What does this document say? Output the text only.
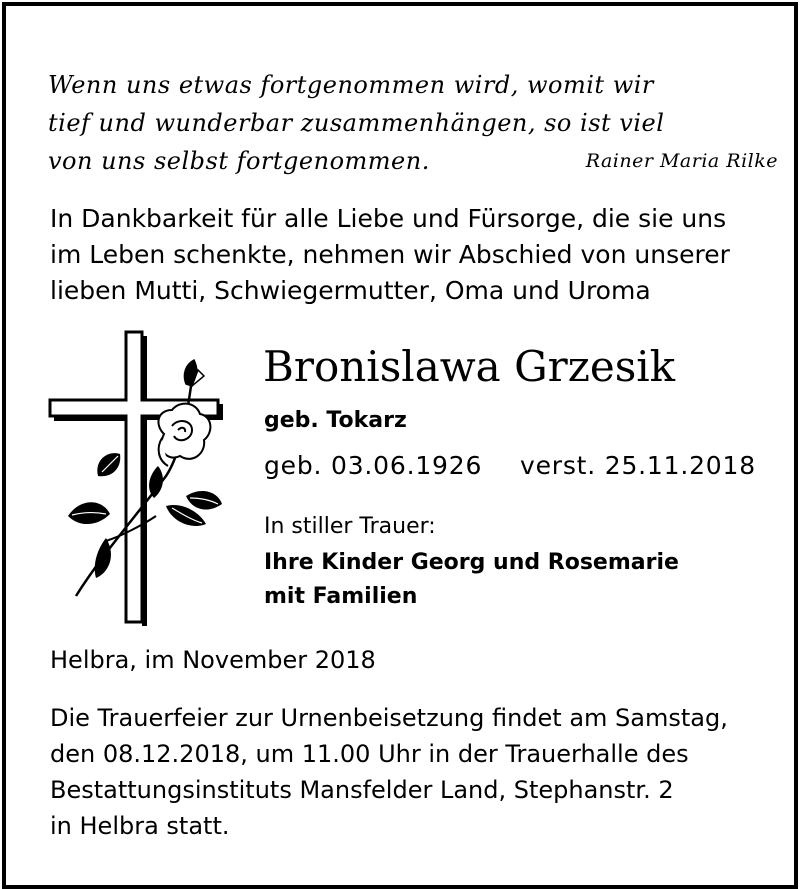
Wenn uns etwas fortgenommen wird, womit wir
tief und wunderbar zusammenhängen, so ist viel
von uns selbst fortgenommen.	Rainer Maria Rilke
In Dankbarkeit für alle Liebe und Fürsorge, die sie uns
im Leben schenkte, nehmen wir Abschied von unserer
lieben Mutti, Schwiegermutter, Oma und Uroma
Bronislawa Grzesik
geb. Tokarz
geb. 03.06.1926 verst. 25.11.2018
In stiller Trauer:
Ihre Kinder Georg und Rosemarie
mit Familien
Helbra, im November 2018
Die Trauerfeier zur Urnenbeisetzung findet am Samstag,
den 08.12.2018, um 11.00 Uhr in der Trauerhalle des
Bestattungsinstituts Mansfelder Land, Stephanstr. 2
in Helbra statt.
